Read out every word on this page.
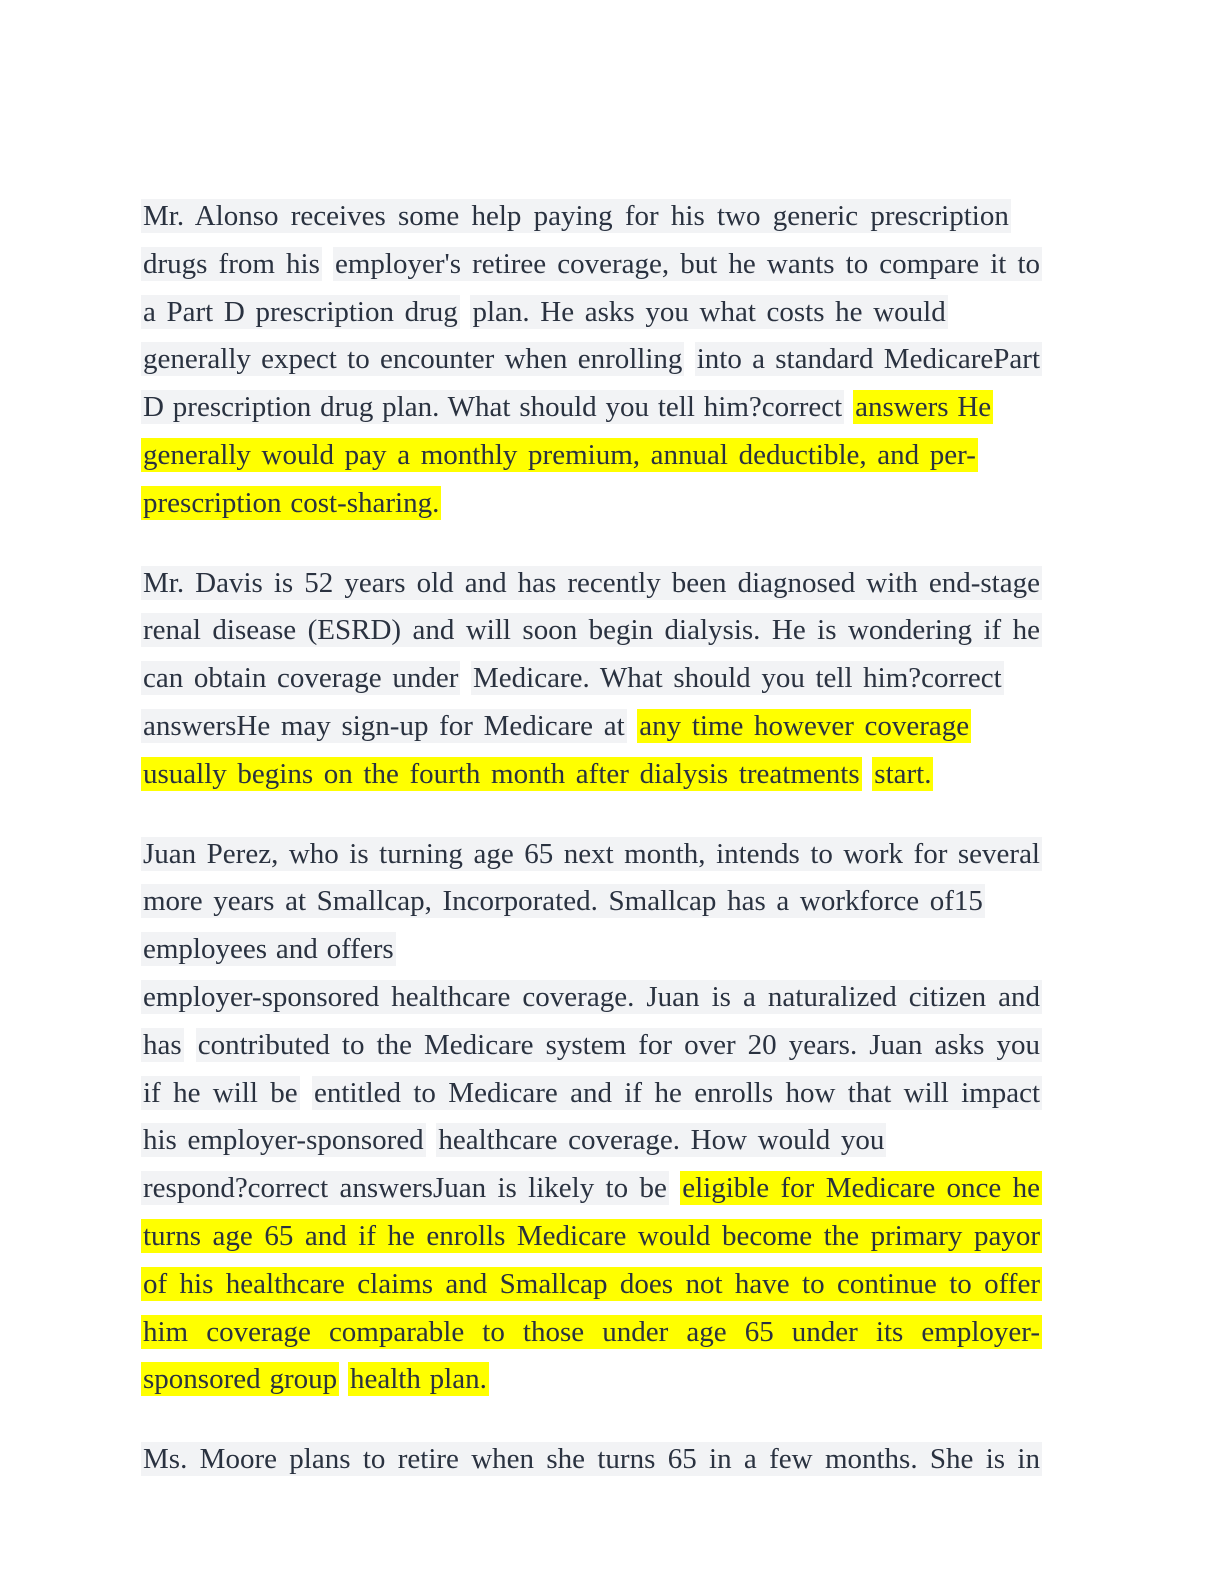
Mr. Alonso receives some help paying for his two generic prescription
drugs from his employer's retiree coverage, but he wants to compare it to
a Part D prescription drug plan. He asks you what costs he would
generally expect to encounter when enrolling into a standard MedicarePart
D prescription drug plan. What should you tell him?correct answers He
generally would pay a monthly premium, annual deductible, and per-
prescription cost-sharing.
Mr. Davis is 52 years old and has recently been diagnosed with end-stage
renal disease (ESRD) and will soon begin dialysis. He is wondering if he
can obtain coverage under Medicare. What should you tell him?correct
answersHe may sign-up for Medicare at any time however coverage
usually begins on the fourth month after dialysis treatments start.
Juan Perez, who is turning age 65 next month, intends to work for several
more years at Smallcap, Incorporated. Smallcap has a workforce of15
employees and offers
employer-sponsored healthcare coverage. Juan is a naturalized citizen and
has contributed to the Medicare system for over 20 years. Juan asks you
if he will be entitled to Medicare and if he enrolls how that will impact
his employer-sponsored healthcare coverage. How would you
respond?correct answersJuan is likely to be eligible for Medicare once he
turns age 65 and if he enrolls Medicare would become the primary payor
of his healthcare claims and Smallcap does not have to continue to offer
him coverage comparable to those under age 65 under its employer-
sponsored group health plan.
Ms. Moore plans to retire when she turns 65 in a few months. She is in
